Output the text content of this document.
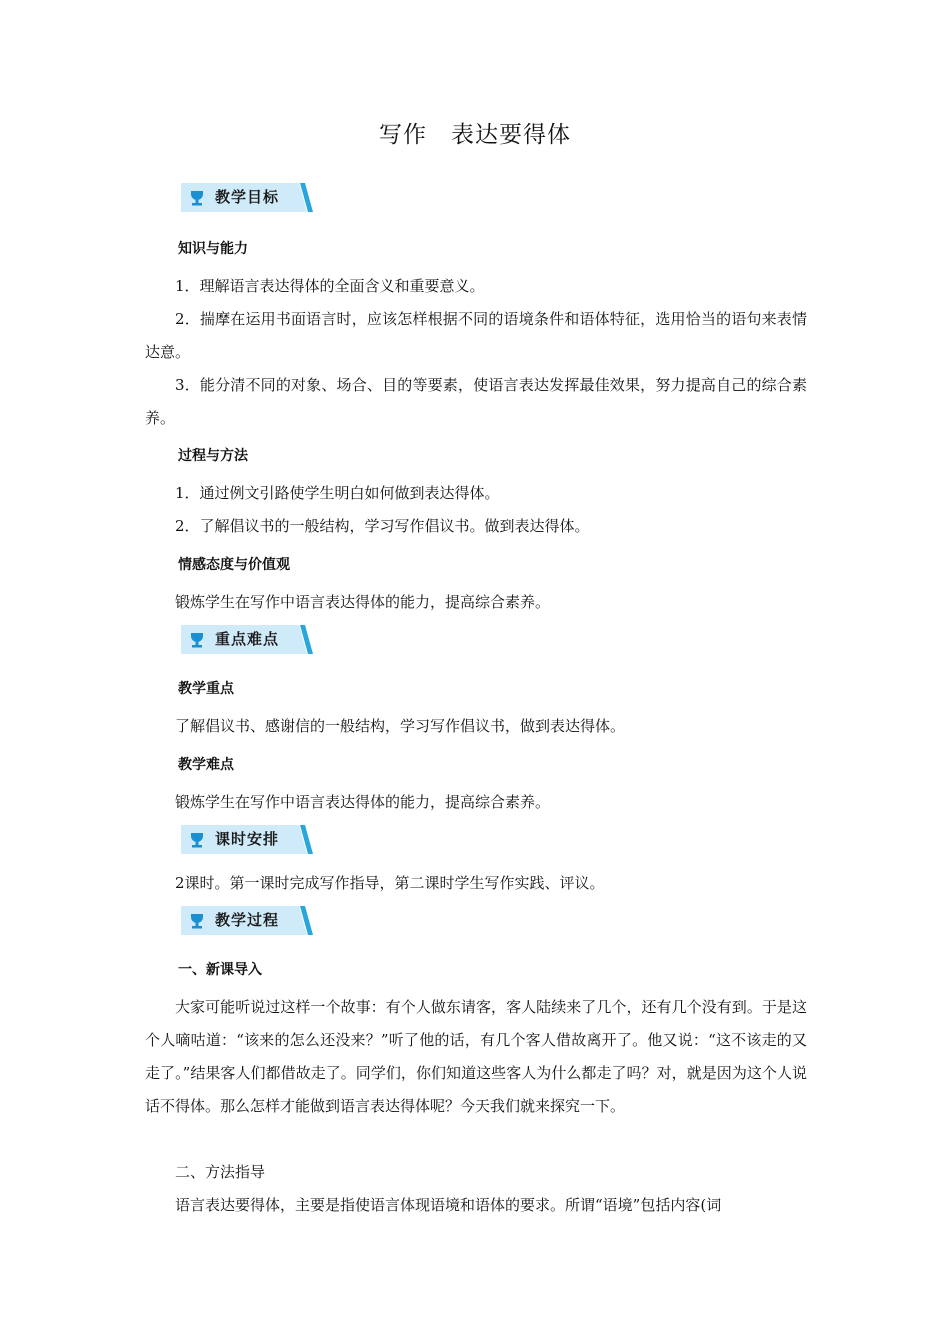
写作　表达要得体
教学目标
知识与能力
1．理解语言表达得体的全面含义和重要意义。
2．揣摩在运用书面语言时，应该怎样根据不同的语境条件和语体特征，选用恰当的语句来表情达意。
3．能分清不同的对象、场合、目的等要素，使语言表达发挥最佳效果，努力提高自己的综合素养。
过程与方法
1．通过例文引路使学生明白如何做到表达得体。
2．了解倡议书的一般结构，学习写作倡议书。做到表达得体。
情感态度与价值观
锻炼学生在写作中语言表达得体的能力，提高综合素养。
重点难点
教学重点
了解倡议书、感谢信的一般结构，学习写作倡议书，做到表达得体。
教学难点
锻炼学生在写作中语言表达得体的能力，提高综合素养。
课时安排
2课时。第一课时完成写作指导，第二课时学生写作实践、评议。
教学过程
一、新课导入
大家可能听说过这样一个故事：有个人做东请客，客人陆续来了几个，还有几个没有到。于是这个人嘀咕道：“该来的怎么还没来？”听了他的话，有几个客人借故离开了。他又说：“这不该走的又走了。”结果客人们都借故走了。同学们，你们知道这些客人为什么都走了吗？对，就是因为这个人说话不得体。那么怎样才能做到语言表达得体呢？今天我们就来探究一下。
二、方法指导
语言表达要得体，主要是指使语言体现语境和语体的要求。所谓“语境”包括内容(词
